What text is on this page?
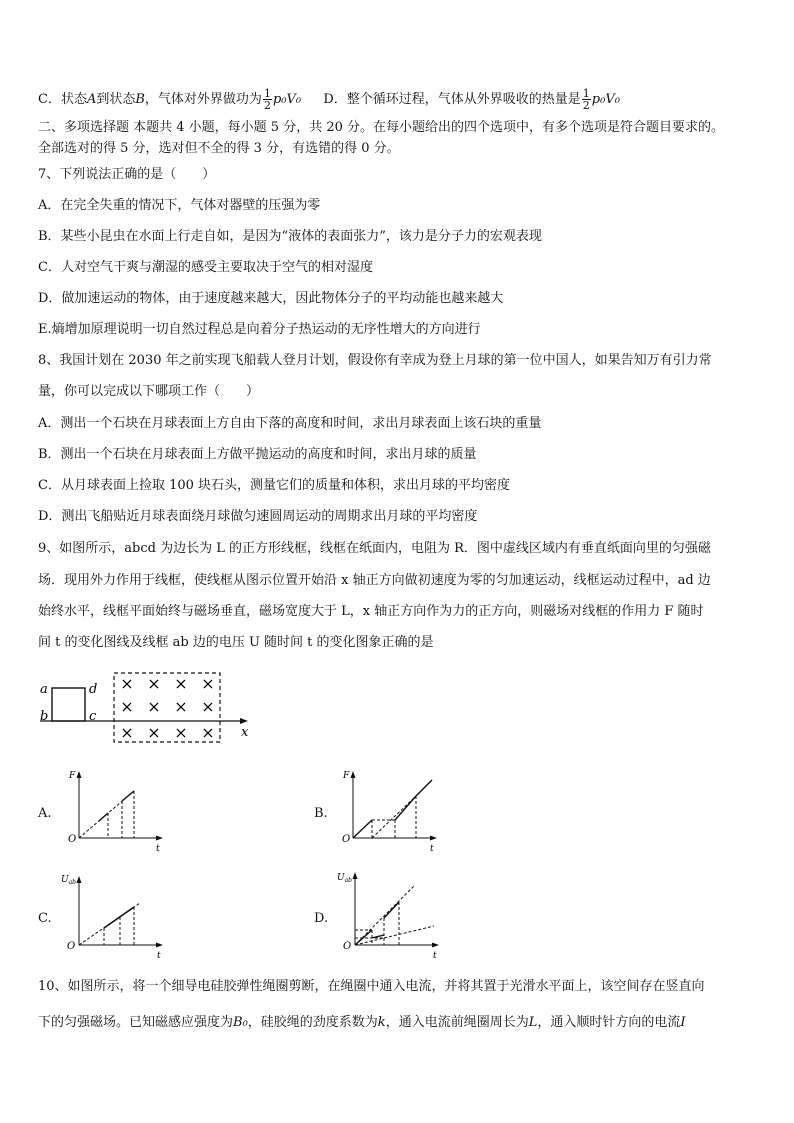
C．状态A到状态B，气体对外界做功为 $\frac{1}{2} p_0V_0$ D．整个循环过程，气体从外界吸收的热量是 $\frac{1}{2} p_0V_0$
二、多项选择题 本题共 4 小题，每小题 5 分，共 20 分。在每小题给出的四个选项中，有多个选项是符合题目要求的。
全部选对的得 5 分，选对但不全的得 3 分，有选错的得 0 分。
7、下列说法正确的是（　　）
A．在完全失重的情况下，气体对器壁的压强为零
B．某些小昆虫在水面上行走自如，是因为“液体的表面张力”，该力是分子力的宏观表现
C．人对空气干爽与潮湿的感受主要取决于空气的相对湿度
D．做加速运动的物体，由于速度越来越大，因此物体分子的平均动能也越来越大
E.熵增加原理说明一切自然过程总是向着分子热运动的无序性增大的方向进行
8、我国计划在 2030 年之前实现飞船载人登月计划，假设你有幸成为登上月球的第一位中国人，如果告知万有引力常
量，你可以完成以下哪项工作（　　）
A．测出一个石块在月球表面上方自由下落的高度和时间，求出月球表面上该石块的重量
B．测出一个石块在月球表面上方做平抛运动的高度和时间，求出月球的质量
C．从月球表面上捡取 100 块石头，测量它们的质量和体积，求出月球的平均密度
D．测出飞船贴近月球表面绕月球做匀速圆周运动的周期求出月球的平均密度
9、如图所示，abcd 为边长为 L 的正方形线框，线框在纸面内，电阻为 R．图中虚线区域内有垂直纸面向里的匀强磁
场．现用外力作用于线框，使线框从图示位置开始沿 x 轴正方向做初速度为零的匀加速运动，线框运动过程中，ad 边
始终水平，线框平面始终与磁场垂直，磁场宽度大于 L，x 轴正方向作为力的正方向，则磁场对线框的作用力 F 随时
间 t 的变化图线及线框 ab 边的电压 U 随时间 t 的变化图象正确的是
a
b	c
d
x
× × × ×
× × × ×
× × × ×
A.	B.
C.	D.
F
O
t
F
O
t
$U_{ab}$
O
t
$U_{ab}$
O
t
10、如图所示，将一个细导电硅胶弹性绳圈剪断，在绳圈中通入电流，并将其置于光滑水平面上，该空间存在竖直向
下的匀强磁场。已知磁感应强度为B₀，硅胶绳的劲度系数为k，通入电流前绳圈周长为L，通入顺时针方向的电流I
